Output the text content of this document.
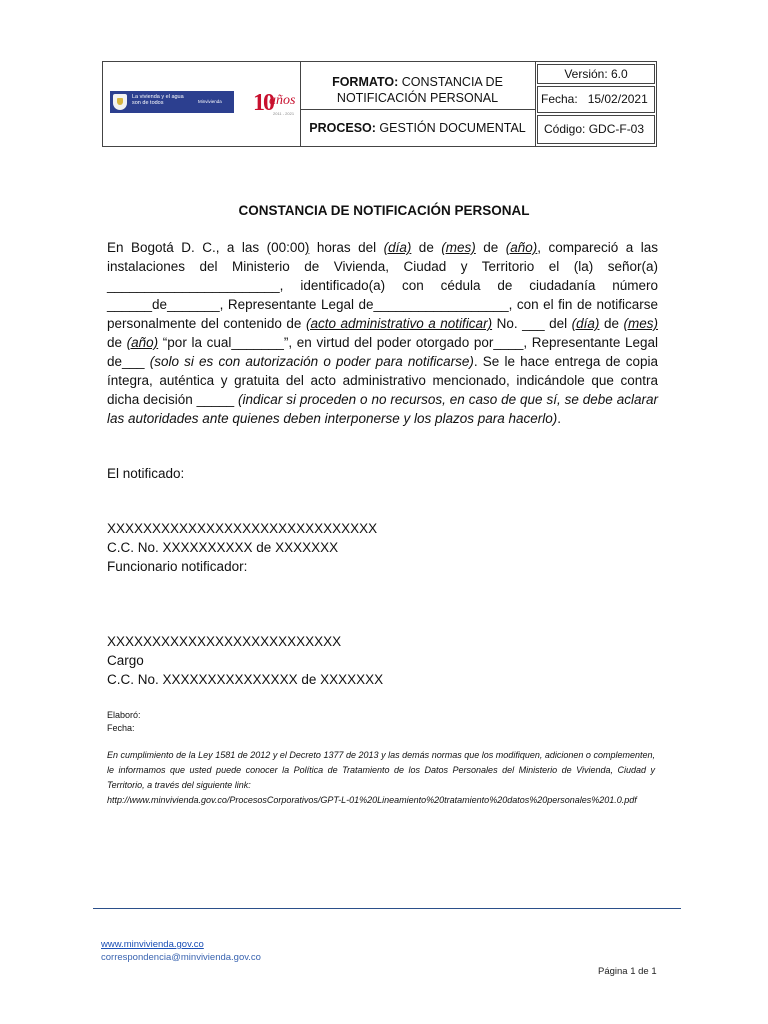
La vivienda y el agua son de todos	Minvivienda 10
años
2011 - 2021
FORMATO: CONSTANCIA DE NOTIFICACIÓN PERSONAL
PROCESO: GESTIÓN DOCUMENTAL
Versión: 6.0
Fecha: 15/02/2021
Código: GDC-F-03
CONSTANCIA DE NOTIFICACIÓN PERSONAL

En Bogotá D. C., a las (00:00) horas del (día) de (mes) de (año), compareció a las instalaciones del Ministerio de Vivienda, Ciudad y Territorio el (la) señor(a) _______________________, identificado(a) con cédula de ciudadanía número ______de_______, Representante Legal de__________________, con el fin de notificarse personalmente del contenido de (acto administrativo a notificar) No. ___ del (día) de (mes) de (año) “por la cual_______”, en virtud del poder otorgado por____, Representante Legal de___ (solo si es con autorización o poder para notificarse). Se le hace entrega de copia íntegra, auténtica y gratuita del acto administrativo mencionado, indicándole que contra dicha decisión _____ (indicar si proceden o no recursos, en caso de que sí, se debe aclarar las autoridades ante quienes deben interponerse y los plazos para hacerlo).

El notificado:
XXXXXXXXXXXXXXXXXXXXXXXXXXXXXX
C.C. No. XXXXXXXXXX de XXXXXXX
Funcionario notificador:
XXXXXXXXXXXXXXXXXXXXXXXXXX
Cargo
C.C. No. XXXXXXXXXXXXXXX de XXXXXXX
Elaboró:
Fecha:
En cumplimiento de la Ley 1581 de 2012 y el Decreto 1377 de 2013 y las demás normas que los modifiquen, adicionen o complementen, le informamos que usted puede conocer la Política de Tratamiento de los Datos Personales del Ministerio de Vivienda, Ciudad y Territorio, a través del siguiente link:
http://www.minvivienda.gov.co/ProcesosCorporativos/GPT-L-01%20Lineamiento%20tratamiento%20datos%20personales%201.0.pdf
www.minvivienda.gov.co
correspondencia@minvivienda.gov.co
Página 1 de 1
